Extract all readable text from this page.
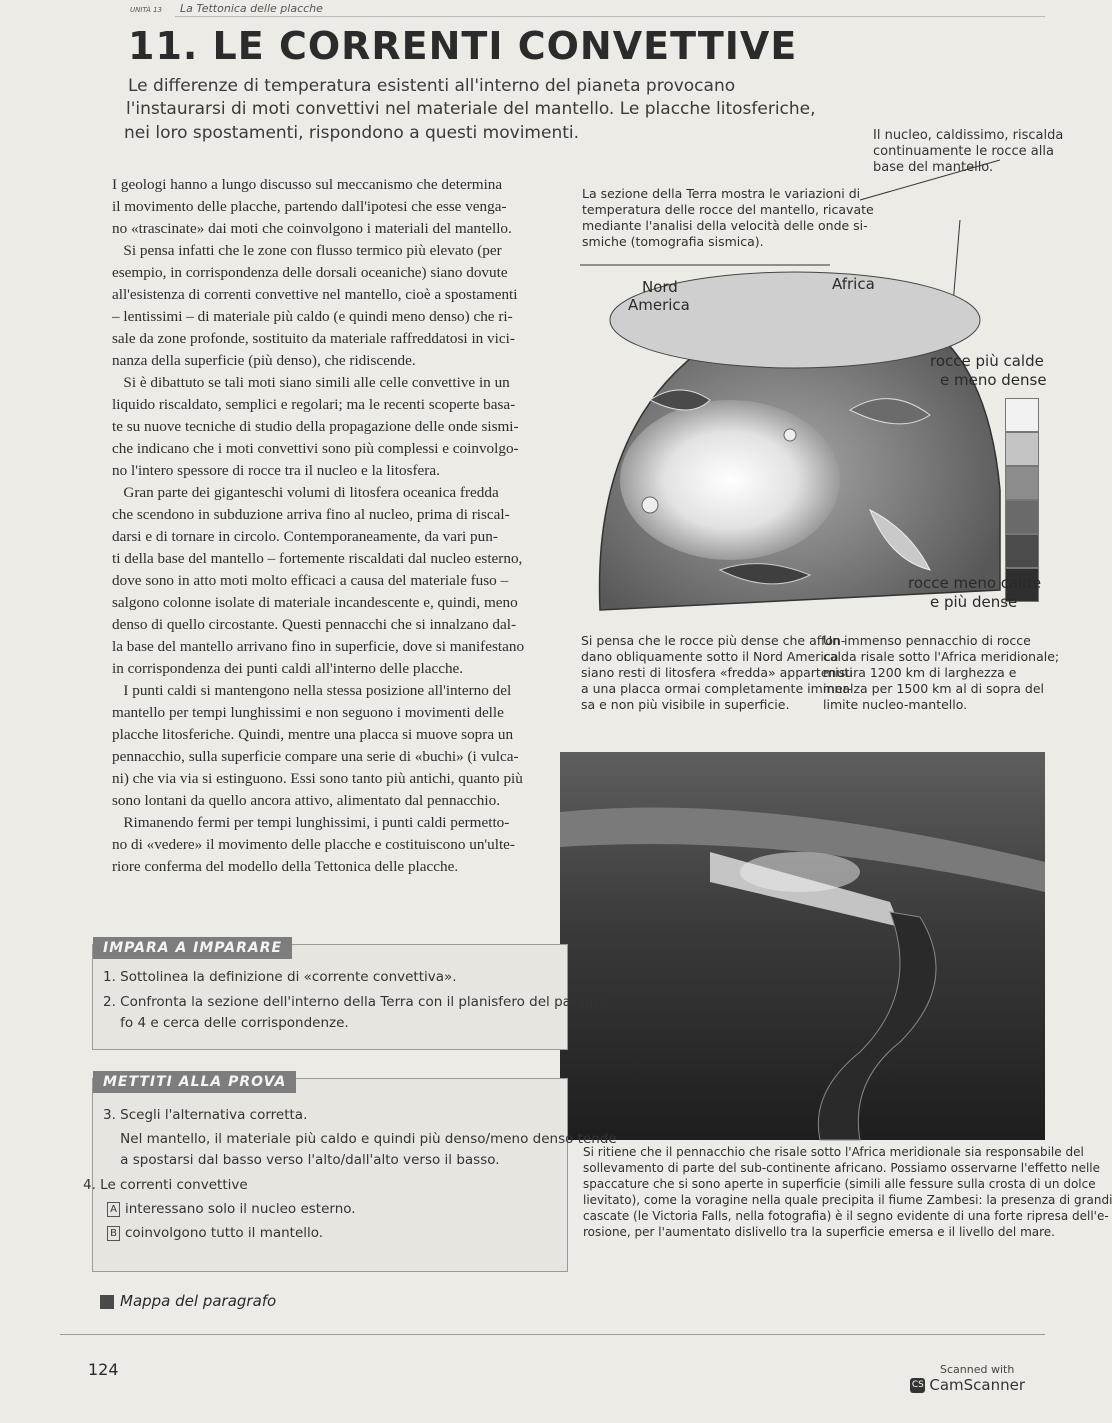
UNITÀ 13 La Tettonica delle placche
11. LE CORRENTI CONVETTIVE
Le differenze di temperatura esistenti all'interno del pianeta provocano
l'instaurarsi di moti convettivi nel materiale del mantello. Le placche litosferiche,
nei loro spostamenti, rispondono a questi movimenti.
I geologi hanno a lungo discusso sul meccanismo che determina
il movimento delle placche, partendo dall'ipotesi che esse venga-
no «trascinate» dai moti che coinvolgono i materiali del mantello.
Si pensa infatti che le zone con flusso termico più elevato (per
esempio, in corrispondenza delle dorsali oceaniche) siano dovute
all'esistenza di correnti convettive nel mantello, cioè a spostamenti
– lentissimi – di materiale più caldo (e quindi meno denso) che ri-
sale da zone profonde, sostituito da materiale raffreddatosi in vici-
nanza della superficie (più denso), che ridiscende.
Si è dibattuto se tali moti siano simili alle celle convettive in un
liquido riscaldato, semplici e regolari; ma le recenti scoperte basa-
te su nuove tecniche di studio della propagazione delle onde sismi-
che indicano che i moti convettivi sono più complessi e coinvolgo-
no l'intero spessore di rocce tra il nucleo e la litosfera.
Gran parte dei giganteschi volumi di litosfera oceanica fredda
che scendono in subduzione arriva fino al nucleo, prima di riscal-
darsi e di tornare in circolo. Contemporaneamente, da vari pun-
ti della base del mantello – fortemente riscaldati dal nucleo esterno,
dove sono in atto moti molto efficaci a causa del materiale fuso –
salgono colonne isolate di materiale incandescente e, quindi, meno
denso di quello circostante. Questi pennacchi che si innalzano dal-
la base del mantello arrivano fino in superficie, dove si manifestano
in corrispondenza dei punti caldi all'interno delle placche.
I punti caldi si mantengono nella stessa posizione all'interno del
mantello per tempi lunghissimi e non seguono i movimenti delle
placche litosferiche. Quindi, mentre una placca si muove sopra un
pennacchio, sulla superficie compare una serie di «buchi» (i vulca-
ni) che via via si estinguono. Essi sono tanto più antichi, quanto più
sono lontani da quello ancora attivo, alimentato dal pennacchio.
Rimanendo fermi per tempi lunghissimi, i punti caldi permetto-
no di «vedere» il movimento delle placche e costituiscono un'ulte-
riore conferma del modello della Tettonica delle placche.
Il nucleo, caldissimo, riscalda
continuamente le rocce alla
base del mantello.
La sezione della Terra mostra le variazioni di
temperatura delle rocce del mantello, ricavate
mediante l'analisi della velocità delle onde si-
smiche (tomografia sismica).
Nord
America
Africa
rocce più calde
e meno dense
rocce meno calde
e più dense
Si pensa che le rocce più dense che affon-
dano obliquamente sotto il Nord America
siano resti di litosfera «fredda» appartenuti
a una placca ormai completamente immer-
sa e non più visibile in superficie.
Un immenso pennacchio di rocce
calda risale sotto l'Africa meridionale;
misura 1200 km di larghezza e
innalza per 1500 km al di sopra del
limite nucleo-mantello.
Si ritiene che il pennacchio che risale sotto l'Africa meridionale sia responsabile del
sollevamento di parte del sub-continente africano. Possiamo osservarne l'effetto nelle
spaccature che si sono aperte in superficie (simili alle fessure sulla crosta di un dolce
lievitato), come la voragine nella quale precipita il fiume Zambesi: la presenza di grandi
cascate (le Victoria Falls, nella fotografia) è il segno evidente di una forte ripresa dell'e-
rosione, per l'aumentato dislivello tra la superficie emersa e il livello del mare.
IMPARA A IMPARARE
1. Sottolinea la definizione di «corrente convettiva».
2. Confronta la sezione dell'interno della Terra con il planisfero del paragra-
fo 4 e cerca delle corrispondenze.
METTITI ALLA PROVA
3. Scegli l'alternativa corretta.
Nel mantello, il materiale più caldo e quindi più denso/meno denso tende
a spostarsi dal basso verso l'alto/dall'alto verso il basso.
4. Le correnti convettive
A interessano solo il nucleo esterno.
B coinvolgono tutto il mantello.
Mappa del paragrafo
124	Scanned with
CS CamScanner
